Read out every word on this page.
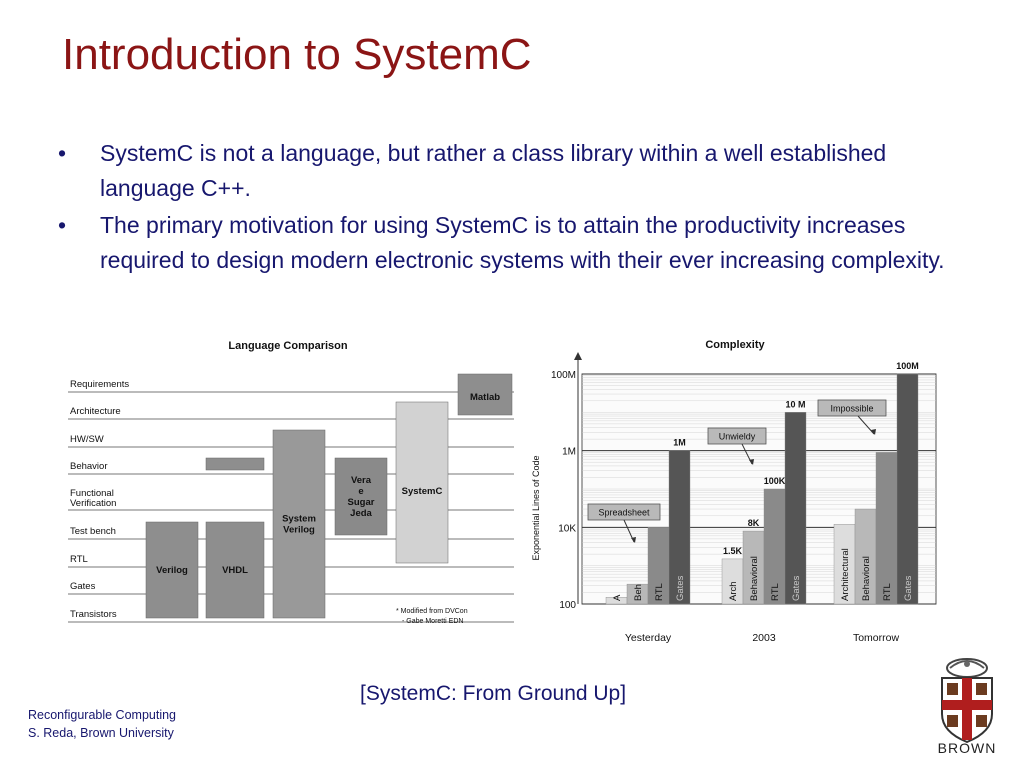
Introduction to SystemC
• SystemC is not a language, but rather a class library within a well established language C++.
• The primary motivation for using SystemC is to attain the productivity increases required to design modern electronic systems with their ever increasing complexity.
Language Comparison
Requirements
Architecture
HW/SW
Behavior
Functional Verification
Test bench
RTL
Gates
Transistors
Verilog	VHDL
System Verilog
Vera e Sugar Jeda
SystemC
Matlab
* Modified from DVCon
- Gabe Moretti EDN
Complexity
Exponential Lines of Code
100
10K
1M
100M
A Beh RTL Gates
1M
Yesterday
Arch
1.5K
Behavioral
8K
RTL
100K
Gates
10 M
2003
Architectural Behavioral RTL Gates
100M
Tomorrow
Spreadsheet
Unwieldy
Impossible
[SystemC: From Ground Up]
Reconfigurable Computing
S. Reda, Brown University
BROWN
